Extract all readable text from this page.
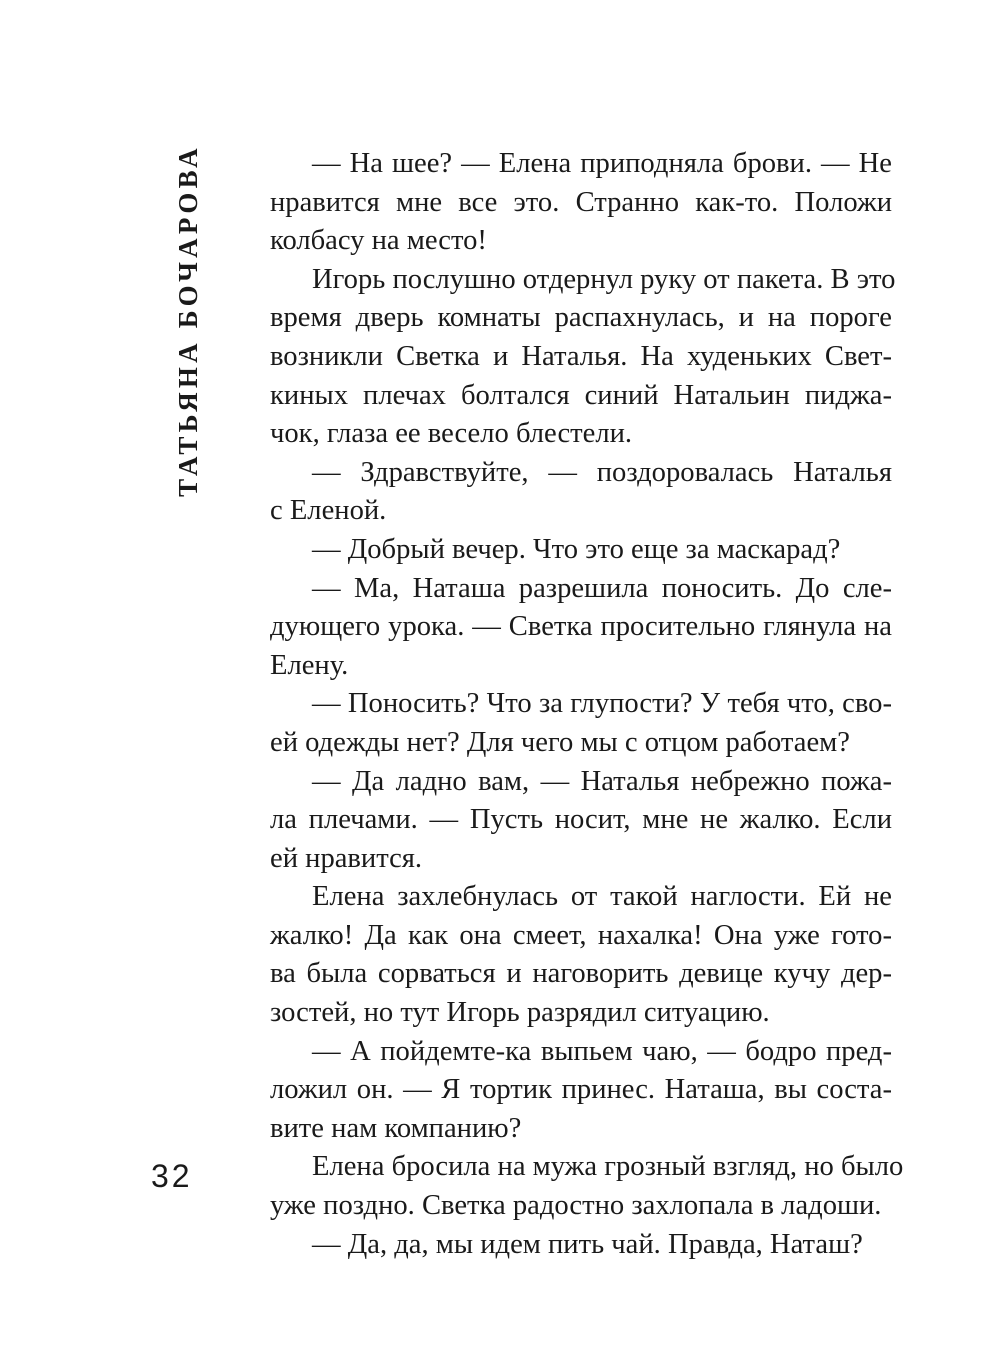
ТАТЬЯНА БОЧАРОВА
32
— На шее? — Елена приподняла брови. — Не
нравится мне все это. Странно как-то. Положи
колбасу на место!
Игорь послушно отдернул руку от пакета. В это
время дверь комнаты распахнулась, и на пороге
возникли Светка и Наталья. На худеньких Свет-
киных плечах болтался синий Натальин пиджа-
чок, глаза ее весело блестели.
— Здравствуйте, — поздоровалась Наталья
с Еленой.
— Добрый вечер. Что это еще за маскарад?
— Ма, Наташа разрешила поносить. До сле-
дующего урока. — Светка просительно глянула на
Елену.
— Поносить? Что за глупости? У тебя что, сво-
ей одежды нет? Для чего мы с отцом работаем?
— Да ладно вам, — Наталья небрежно пожа-
ла плечами. — Пусть носит, мне не жалко. Если
ей нравится.
Елена захлебнулась от такой наглости. Ей не
жалко! Да как она смеет, нахалка! Она уже гото-
ва была сорваться и наговорить девице кучу дер-
зостей, но тут Игорь разрядил ситуацию.
— А пойдемте-ка выпьем чаю, — бодро пред-
ложил он. — Я тортик принес. Наташа, вы соста-
вите нам компанию?
Елена бросила на мужа грозный взгляд, но было
уже поздно. Светка радостно захлопала в ладоши.
— Да, да, мы идем пить чай. Правда, Наташ?
